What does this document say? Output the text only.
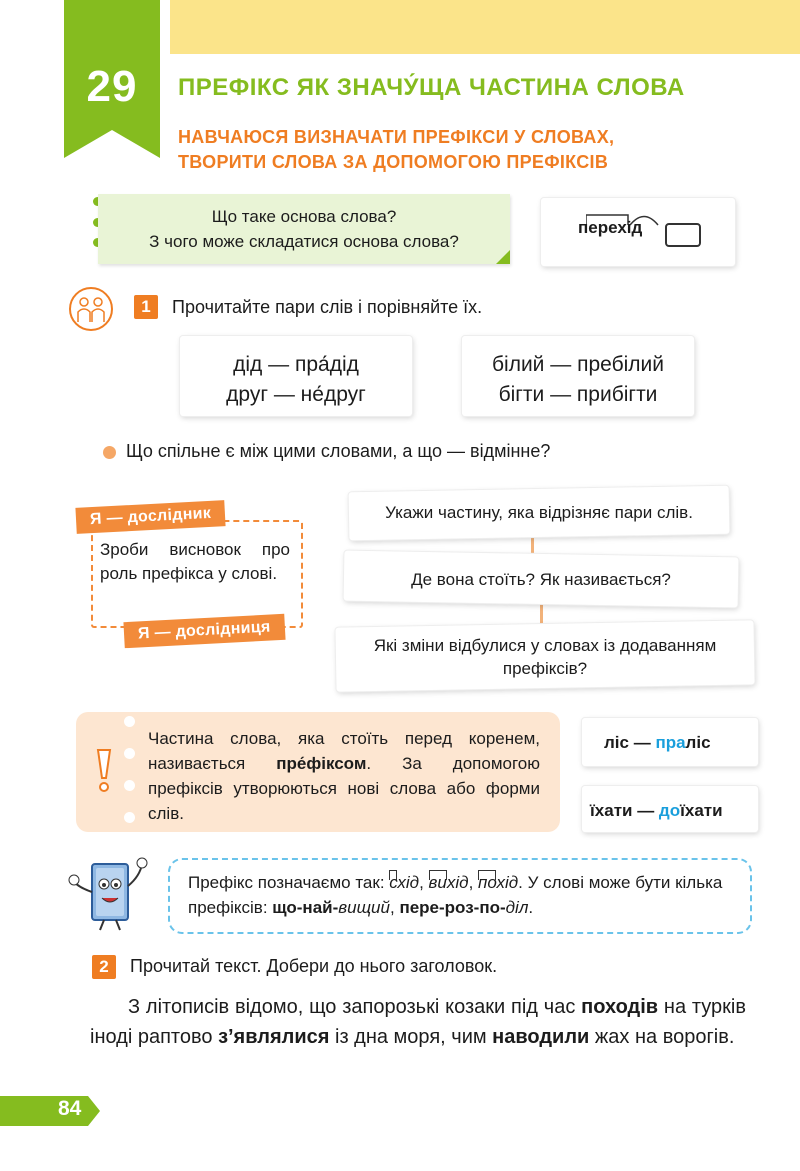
29	ПРЕФІКС ЯК ЗНАЧУ́ЩА ЧАСТИНА СЛОВА
НАВЧАЮСЯ ВИЗНАЧАТИ ПРЕФІКСИ У СЛОВАХ,
ТВОРИТИ СЛОВА ЗА ДОПОМОГОЮ ПРЕФІКСІВ
Що таке основа слова?
З чого може складатися основа слова?
перехід
1	Прочитайте пари слів і порівняйте їх.
дід — пра́дід
друг — не́друг
білий — пребілий
бігти — прибігти
Що спільне є між цими словами, а що — відмінне?
Зроби висновок про роль префікса у слові.
Я — дослідник
Я — дослідниця
Укажи частину, яка відрізняє пари слів.
Де вона стоїть? Як називається?
Які зміни відбулися у словах із додаванням префіксів?
Частина слова, яка стоїть перед коренем, називається пре́фіксом. За допомогою префіксів утворюються нові слова або форми слів.
ліс — праліс
їхати — доїхати
Префікс позначаємо так:
схід,
вихід,
похід. У слові може бути кілька префіксів: що-най-вищий, пере-роз-по-діл.
2	Прочитай текст. Добери до нього заголовок.
З літописів відомо, що запорозькі козаки під час походів на турків іноді раптово з’являлися із дна моря, чим наводили жах на ворогів.
84
